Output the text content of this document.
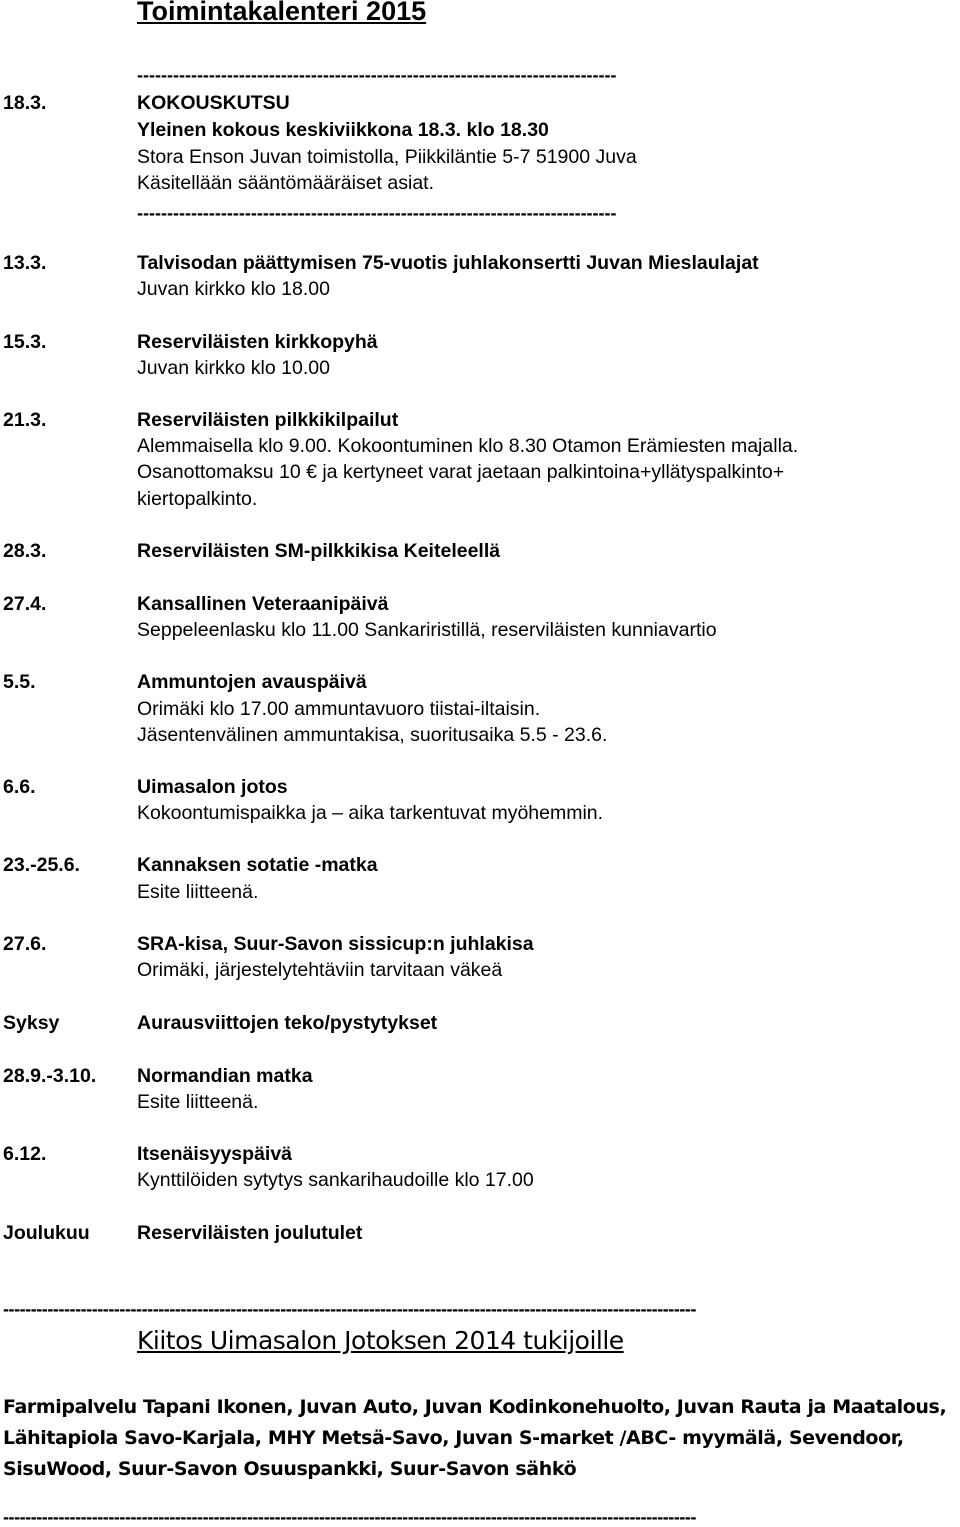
Toimintakalenteri 2015
--------------------------------------------------------------------------------
18.3.	KOKOUSKUTSU
Yleinen kokous keskiviikkona 18.3. klo 18.30
Stora Enson Juvan toimistolla, Piikkiläntie 5-7 51900 Juva
Käsitellään sääntömääräiset asiat.
--------------------------------------------------------------------------------
13.3.	Talvisodan päättymisen 75-vuotis juhlakonsertti Juvan Mieslaulajat
Juvan kirkko klo 18.00
15.3.	Reserviläisten kirkkopyhä
Juvan kirkko klo 10.00
21.3.	Reserviläisten pilkkikilpailut
Alemmaisella klo 9.00. Kokoontuminen klo 8.30 Otamon Erämiesten majalla.
Osanottomaksu 10 € ja kertyneet varat jaetaan palkintoina+yllätyspalkinto+
kiertopalkinto.
28.3.	Reserviläisten SM-pilkkikisa Keiteleellä
27.4.	Kansallinen Veteraanipäivä
Seppeleenlasku klo 11.00 Sankariristillä, reserviläisten kunniavartio
5.5.	Ammuntojen avauspäivä
Orimäki klo 17.00 ammuntavuoro tiistai-iltaisin.
Jäsentenvälinen ammuntakisa, suoritusaika 5.5 - 23.6.
6.6.	Uimasalon jotos
Kokoontumispaikka ja – aika tarkentuvat myöhemmin.
23.-25.6.	Kannaksen sotatie -matka
Esite liitteenä.
27.6.	SRA-kisa, Suur-Savon sissicup:n juhlakisa
Orimäki, järjestelytehtäviin tarvitaan väkeä
Syksy	Aurausviittojen teko/pystytykset
28.9.-3.10. Normandian matka
Esite liitteenä.
6.12.	Itsenäisyyspäivä
Kynttilöiden sytytys sankarihaudoille klo 17.00
Joulukuu Reserviläisten joulutulet
-----------------------------------------------------------------------------------------------------------------------------
Kiitos Uimasalon Jotoksen 2014 tukijoille
Farmipalvelu Tapani Ikonen, Juvan Auto, Juvan Kodinkonehuolto, Juvan Rauta ja Maatalous,
Lähitapiola Savo-Karjala, MHY Metsä-Savo, Juvan S-market /ABC- myymälä, Sevendoor,
SisuWood, Suur-Savon Osuuspankki, Suur-Savon sähkö
-----------------------------------------------------------------------------------------------------------------------------
